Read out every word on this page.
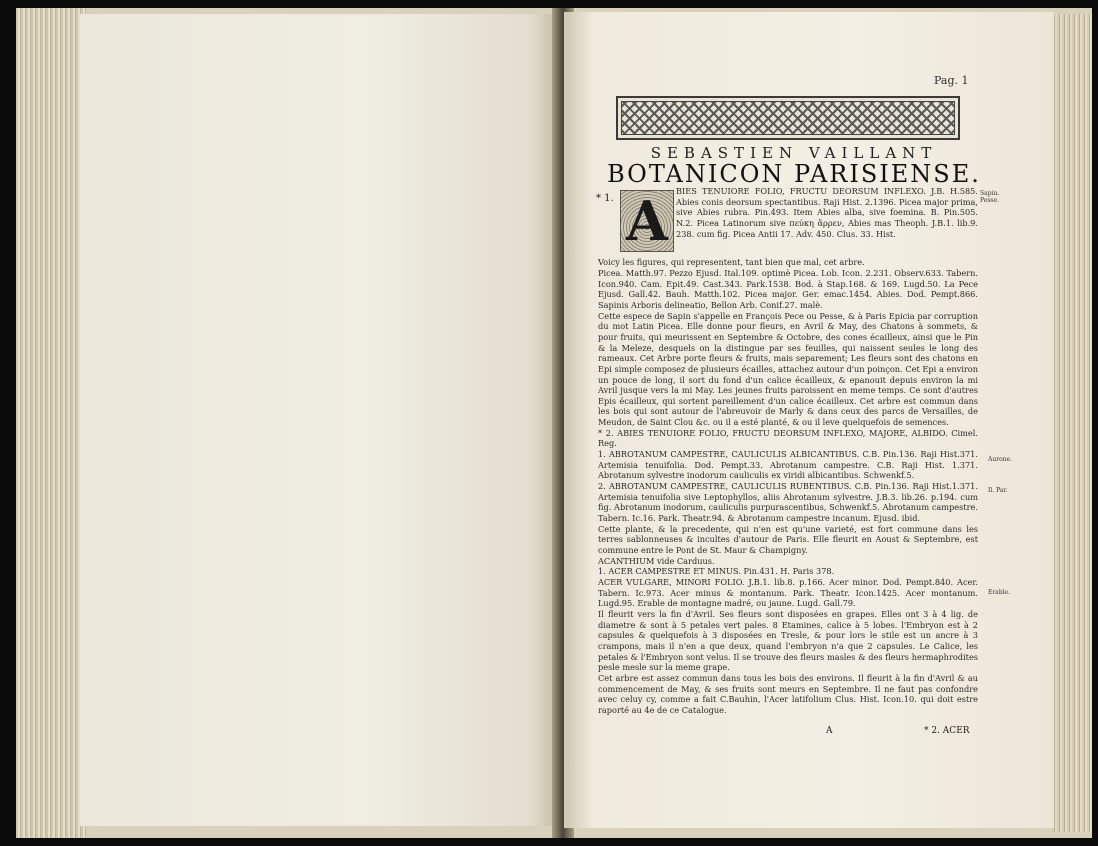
Pag. 1
SEBASTIEN VAILLANT
BOTANICON PARISIENSE.
* 1. A BIES TENUIORE FOLIO, FRUCTU DEORSUM INFLEXO. J.B. H.585. Abies conis deorsum spectantibus. Raji Hist. 2.1396. Picea major prima, sive Abies rubra. Pin.493. Item Abies alba, sive foemina. B. Pin.505. N.2. Picea Latinorum sive πεύκη ἄρρεν, Abies mas Theoph. J.B.1. lib.9. 238. cum fig. Picea Antii 17. Adv. 450. Clus. 33. Hist.

Voicy les figures, qui representent, tant bien que mal, cet arbre.

Picea. Matth.97. Pezzo Ejusd. Ital.109. optimè Picea. Lob. Icon. 2.231. Observ.633. Tabern. Icon.940. Cam. Epit.49. Cast.343. Park.1538. Bod. à Stap.168. & 169. Lugd.50. La Pece Ejusd. Gall.42. Bauh. Matth.102. Picea major. Ger. emac.1454. Abies. Dod. Pempt.866. Sapinis Arboris delineatio, Bellon Arb. Conif.27. malè.

Cette espece de Sapin s'appelle en François Pece ou Pesse, & à Paris Epicia par corruption du mot Latin Picea. Elle donne pour fleurs, en Avril & May, des Chatons à sommets, & pour fruits, qui meurissent en Septembre & Octobre, des cones écailleux, ainsi que le Pin & la Meleze, desquels on la distingue par ses feuilles, qui naissent seules le long des rameaux. Cet Arbre porte fleurs & fruits, mais separement; Les fleurs sont des chatons en Epi simple composez de plusieurs écailles, attachez autour d'un poinçon. Cet Epi a environ un pouce de long, il sort du fond d'un calice écailleux, & epanouit depuis environ la mi Avril jusque vers la mi May. Les jeunes fruits paroissent en meme temps. Ce sont d'autres Epis écailleux, qui sortent pareillement d'un calice écailleux. Cet arbre est commun dans les bois qui sont autour de l'abreuvoir de Marly & dans ceux des parcs de Versailles, de Meudon, de Saint Clou &c. ou il a esté planté, & ou il leve quelquefois de semences.

* 2. ABIES TENUIORE FOLIO, FRUCTU DEORSUM INFLEXO, MAJORE, ALBIDO. Cimel. Reg.

1. ABROTANUM CAMPESTRE, CAULICULIS ALBICANTIBUS. C.B. Pin.136. Raji Hist.371. Artemisia tenuifolia. Dod. Pempt.33. Abrotanum campestre. C.B. Raji Hist. 1.371. Abrotanum sylvestre inodorum cauliculis ex viridi albicantibus. Schwenkf.5.

2. ABROTANUM CAMPESTRE, CAULICULIS RUBENTIBUS. C.B. Pin.136. Raji Hist.1.371. Artemisia tenuifolia sive Leptophyllos, aliis Abrotanum sylvestre. J.B.3. lib.26. p.194. cum fig. Abrotanum inodorum, cauliculis purpurascentibus, Schwenkf.5. Abrotanum campestre. Tabern. Ic.16. Park. Theatr.94. & Abrotanum campestre incanum. Ejusd. ibid.

Cette plante, & la precedente, qui n'en est qu'une varieté, est fort commune dans les terres sablonneuses & incultes d'autour de Paris. Elle fleurit en Aoust & Septembre, est commune entre le Pont de St. Maur & Champigny.

ACANTHIUM vide Carduus.

1. ACER CAMPESTRE ET MINUS. Pin.431. H. Paris 378.

ACER VULGARE, MINORI FOLIO. J.B.1. lib.8. p.166. Acer minor. Dod. Pempt.840. Acer. Tabern. Ic.973. Acer minus & montanum. Park. Theatr. Icon.1425. Acer montanum. Lugd.95. Erable de montagne madré, ou jaune. Lugd. Gall.79.

Il fleurit vers la fin d'Avril. Ses fleurs sont disposées en grapes. Elles ont 3 à 4 lig. de diametre & sont à 5 petales vert pales. 8 Etamines, calice à 5 lobes. l'Embryon est à 2 capsules & quelquefois à 3 disposées en Tresle, & pour lors le stile est un ancre à 3 crampons, mais il n'en a que deux, quand l'embryon n'a que 2 capsules. Le Calice, les petales & l'Embryon sont velus. Il se trouve des fleurs masles & des fleurs hermaphrodites pesle mesle sur la meme grape.

Cet arbre est assez commun dans tous les bois des environs. Il fleurit à la fin d'Avril & au commencement de May, & ses fruits sont meurs en Septembre. Il ne faut pas confondre avec celuy cy, comme a fait C.Bauhin, l'Acer latifolium Clus. Hist. Icon.10. qui doit estre raporté au 4e de ce Catalogue.

Sapin. Pesse.
Aurone.
Il. Par.
Erable.
A	* 2. ACER
